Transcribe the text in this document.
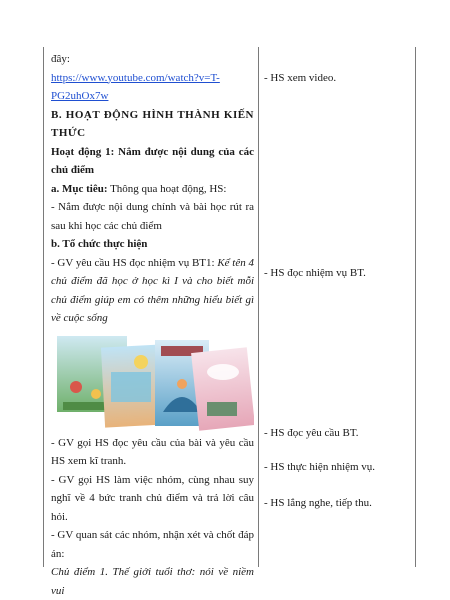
đây:

https://www.youtube.com/watch?v=T-PG2uhOx7w

B. HOẠT ĐỘNG HÌNH THÀNH KIẾN THỨC

Hoạt động 1: Nắm được nội dung của các chủ điểm

a. Mục tiêu: Thông qua hoạt động, HS:

- Nắm được nội dung chính và bài học rút ra sau khi học các chủ điểm

b. Tổ chức thực hiện

- GV yêu cầu HS đọc nhiệm vụ BT1: Kể tên 4 chủ điểm đã học ở học kì I và cho biết mỗi chủ điểm giúp em có thêm những hiểu biết gì về cuộc sống

- GV gọi HS đọc yêu cầu của bài và yêu cầu HS xem kĩ tranh.

- GV gọi HS làm việc nhóm, cùng nhau suy nghĩ về 4 bức tranh chủ điểm và trả lời câu hỏi.

- GV quan sát các nhóm, nhận xét và chốt đáp án:

Chủ điểm 1. Thế giới tuổi thơ: nói về niềm vui

- HS xem video.

- HS đọc nhiệm vụ BT.

- HS đọc yêu cầu BT.

- HS thực hiện nhiệm vụ.

- HS lắng nghe, tiếp thu.
